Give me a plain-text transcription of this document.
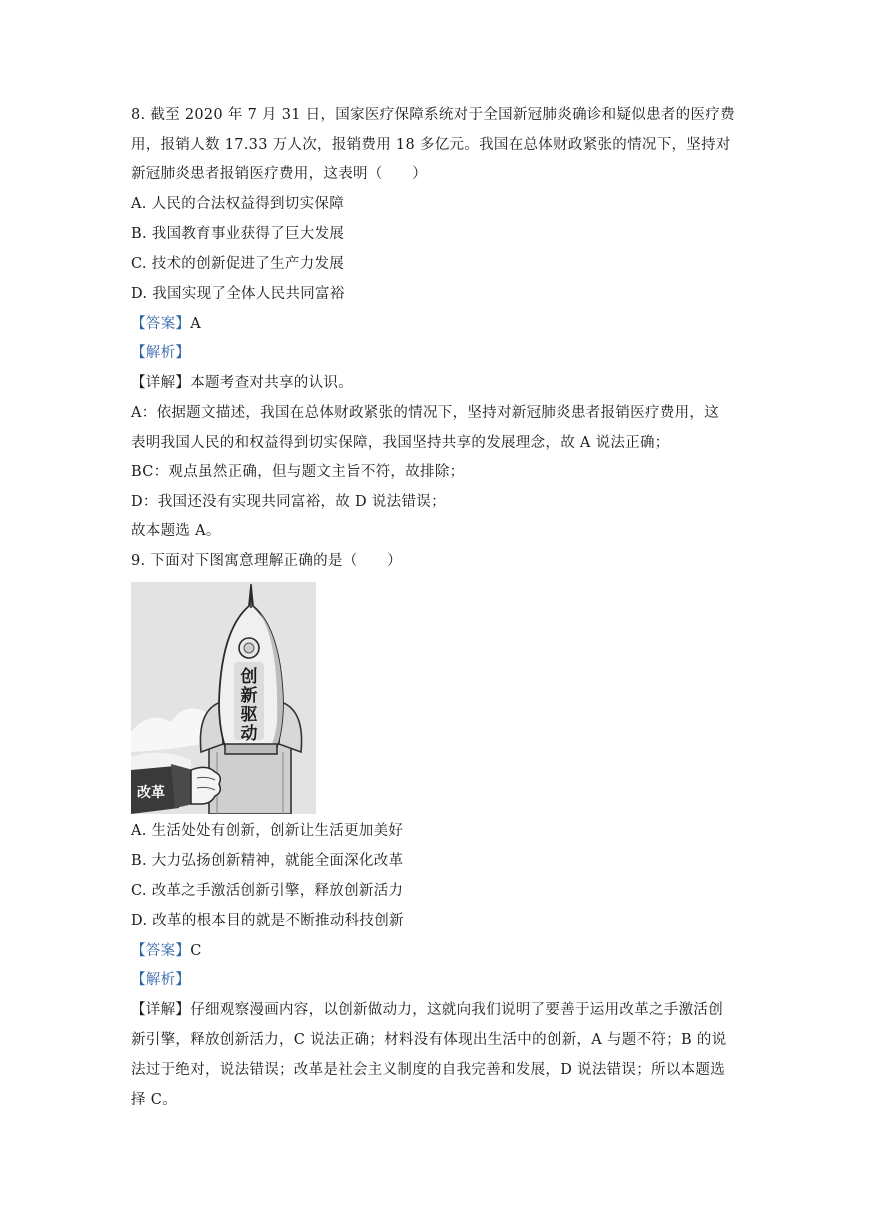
8. 截至 2020 年 7 月 31 日，国家医疗保障系统对于全国新冠肺炎确诊和疑似患者的医疗费
用，报销人数 17.33 万人次，报销费用 18 多亿元。我国在总体财政紧张的情况下，坚持对
新冠肺炎患者报销医疗费用，这表明（　　）
A. 人民的合法权益得到切实保障
B. 我国教育事业获得了巨大发展
C. 技术的创新促进了生产力发展
D. 我国实现了全体人民共同富裕
【答案】A
【解析】
【详解】本题考查对共享的认识。
A：依据题文描述，我国在总体财政紧张的情况下，坚持对新冠肺炎患者报销医疗费用，这
表明我国人民的和权益得到切实保障，我国坚持共享的发展理念，故 A 说法正确；
BC：观点虽然正确，但与题文主旨不符，故排除；
D：我国还没有实现共同富裕，故 D 说法错误；
故本题选 A。
9. 下面对下图寓意理解正确的是（　　）
创
新
驱
动
改革
A. 生活处处有创新，创新让生活更加美好
B. 大力弘扬创新精神，就能全面深化改革
C. 改革之手激活创新引擎，释放创新活力
D. 改革的根本目的就是不断推动科技创新
【答案】C
【解析】
【详解】仔细观察漫画内容，以创新做动力，这就向我们说明了要善于运用改革之手激活创
新引擎，释放创新活力，C 说法正确；材料没有体现出生活中的创新，A 与题不符；B 的说
法过于绝对，说法错误；改革是社会主义制度的自我完善和发展，D 说法错误；所以本题选
择 C。
